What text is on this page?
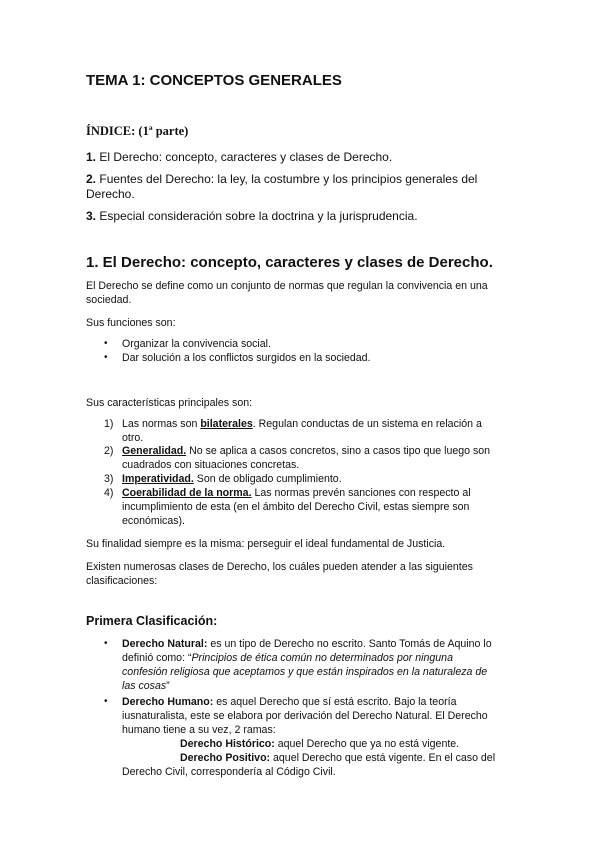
TEMA 1: CONCEPTOS GENERALES
ÍNDICE: (1ª parte)
1. El Derecho: concepto, caracteres y clases de Derecho.
2. Fuentes del Derecho: la ley, la costumbre y los principios generales del
Derecho.
3. Especial consideración sobre la doctrina y la jurisprudencia.
1. El Derecho: concepto, caracteres y clases de Derecho.
El Derecho se define como un conjunto de normas que regulan la convivencia en una
sociedad.
Sus funciones son:
• Organizar la convivencia social.
• Dar solución a los conflictos surgidos en la sociedad.
Sus características principales son:
1) Las normas son bilaterales. Regulan conductas de un sistema en relación a
otro.
2) Generalidad. No se aplica a casos concretos, sino a casos tipo que luego son
cuadrados con situaciones concretas.
3) Imperatividad. Son de obligado cumplimiento.
4) Coerabilidad de la norma. Las normas prevén sanciones con respecto al
incumplimiento de esta (en el ámbito del Derecho Civil, estas siempre son
económicas).
Su finalidad siempre es la misma: perseguir el ideal fundamental de Justicia.
Existen numerosas clases de Derecho, los cuáles pueden atender a las siguientes
clasificaciones:
Primera Clasificación:
• Derecho Natural: es un tipo de Derecho no escrito. Santo Tomás de Aquino lo
definió como: “Principios de ética común no determinados por ninguna
confesión religiosa que aceptamos y que están inspirados en la naturaleza de
las cosas”
• Derecho Humano: es aquel Derecho que sí está escrito. Bajo la teoría
iusnaturalista, este se elabora por derivación del Derecho Natural. El Derecho
humano tiene a su vez, 2 ramas:
Derecho Histórico: aquel Derecho que ya no está vigente.
Derecho Positivo: aquel Derecho que está vigente. En el caso del
Derecho Civil, correspondería al Código Civil.
